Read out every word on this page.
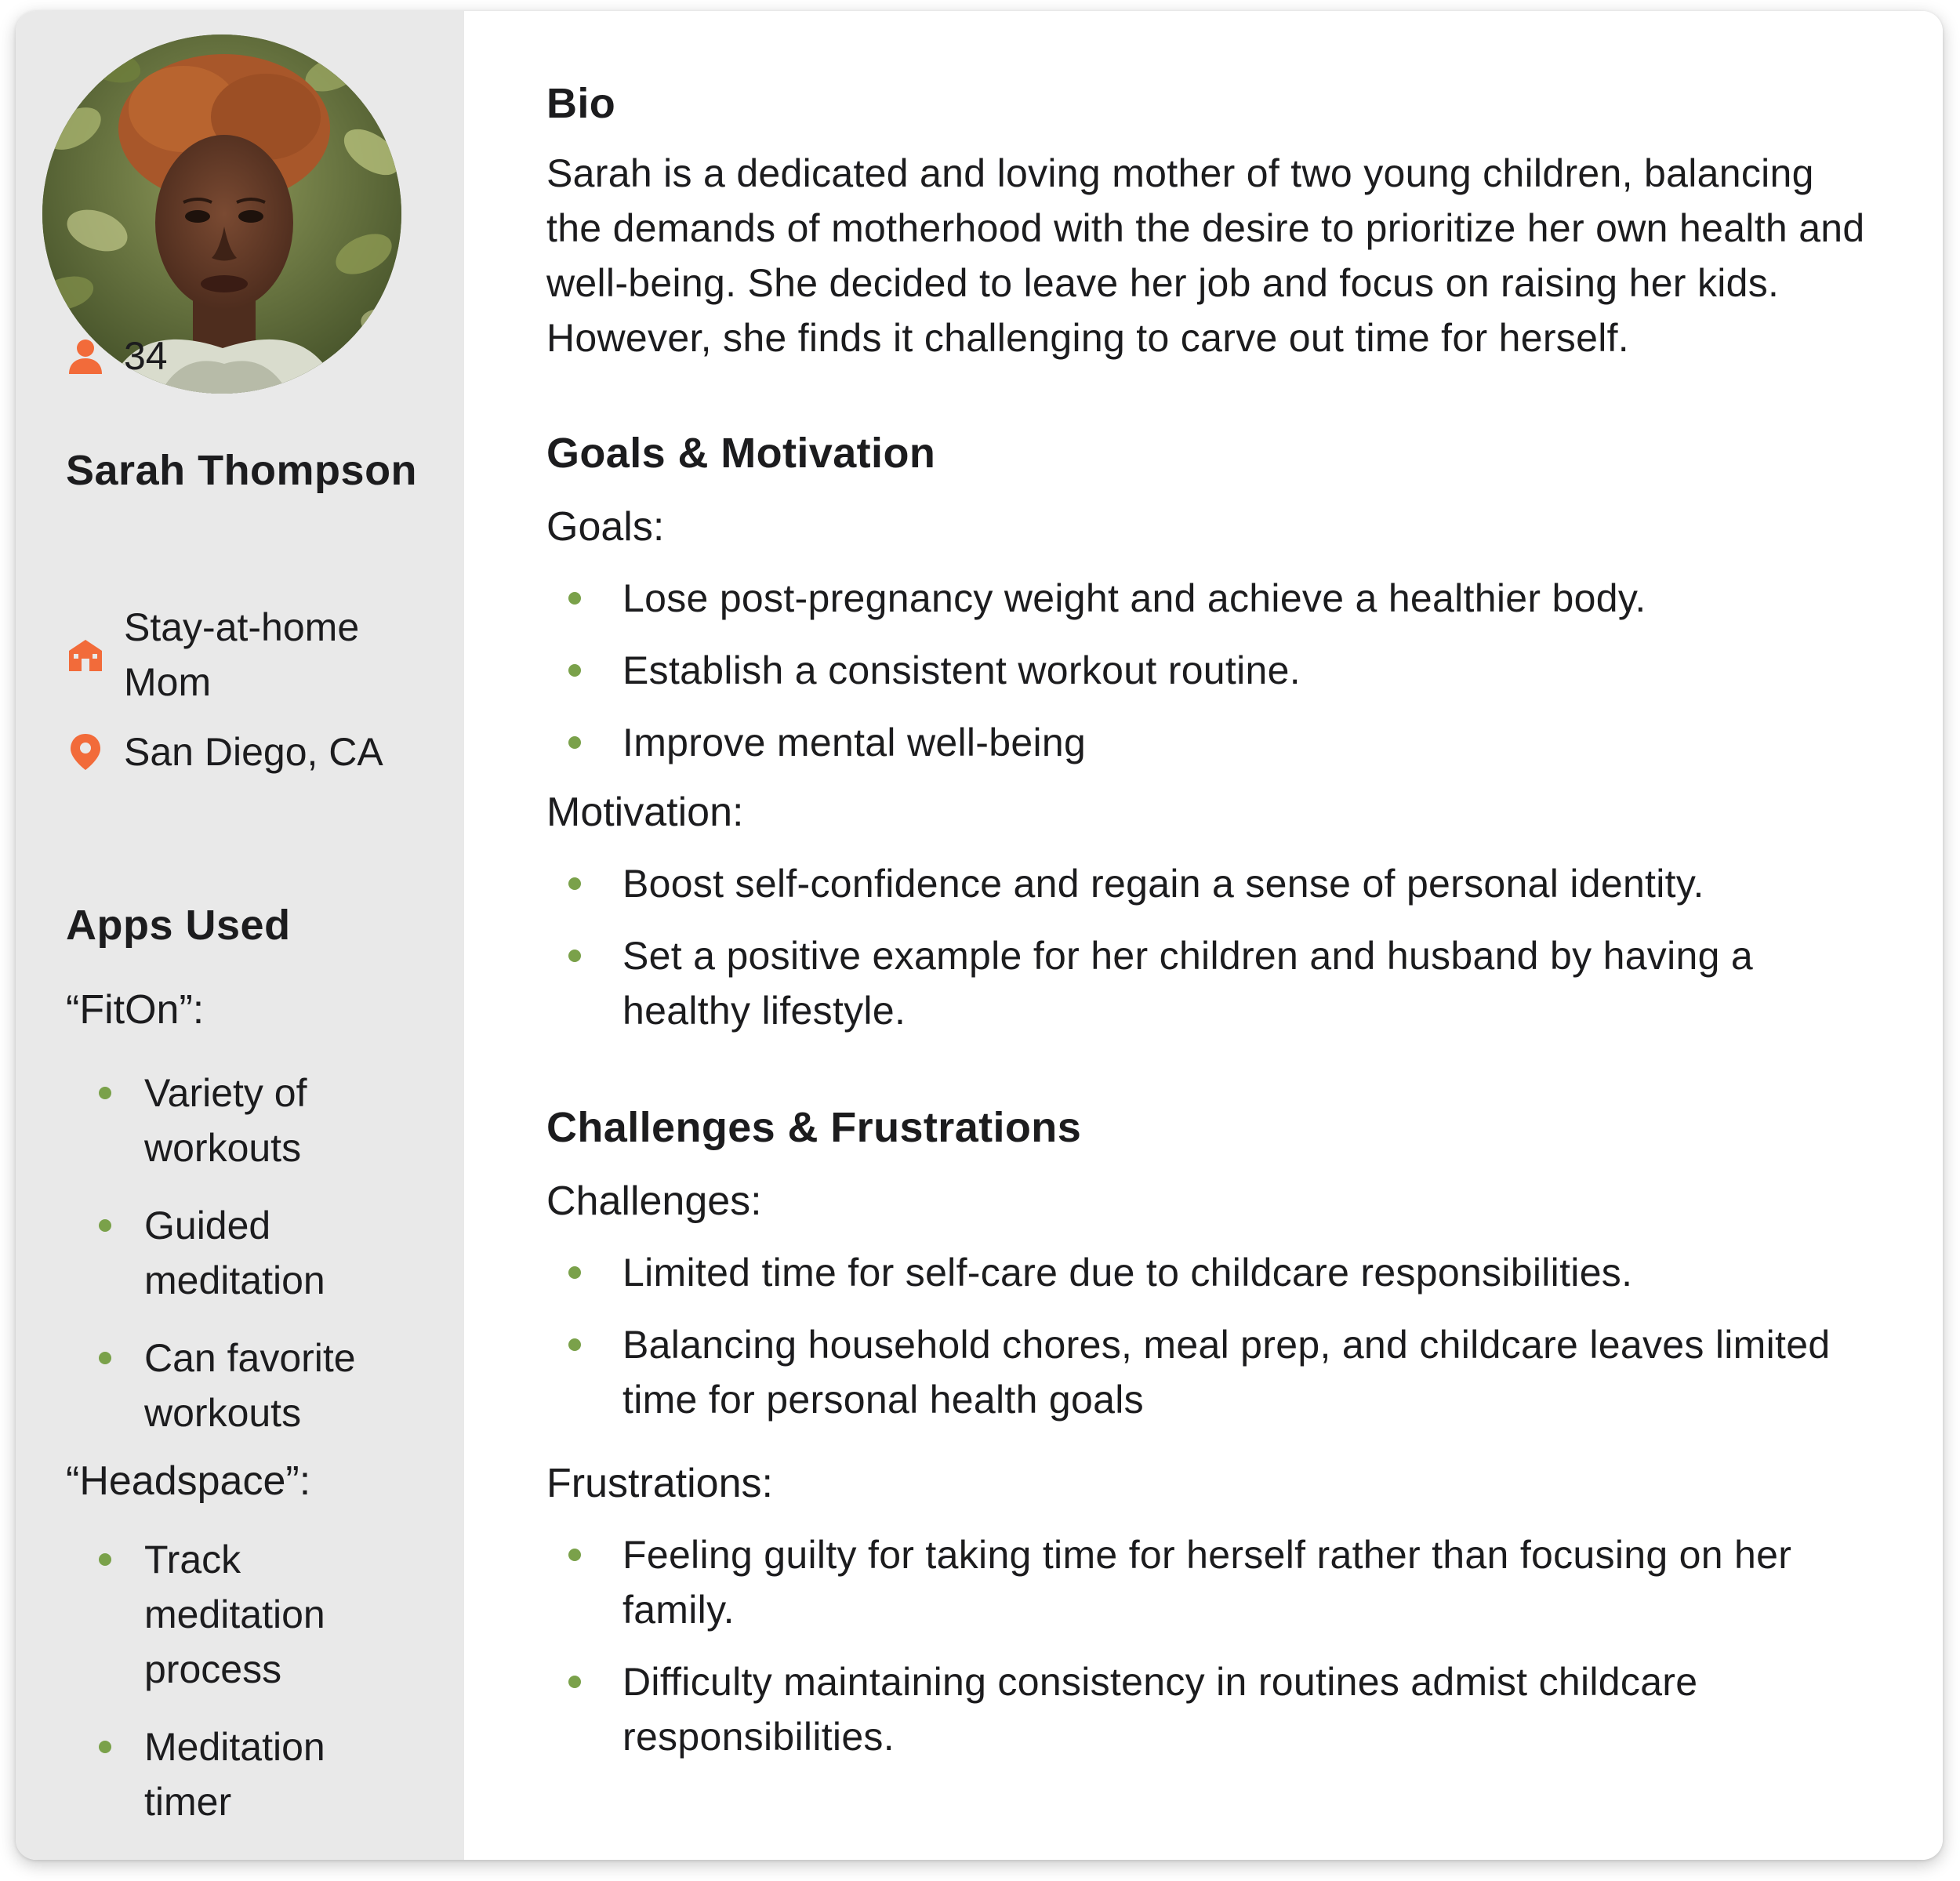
Sarah Thompson
34
Stay-at-home Mom
San Diego, CA
Apps Used

“FitOn”:

Variety of workouts
Guided meditation
Can favorite workouts

“Headspace”:

Track meditation process
Meditation timer
Bio

Sarah is a dedicated and loving mother of two young children, balancing the demands of motherhood with the desire to prioritize her own health and well-being. She decided to leave her job and focus on raising her kids. However, she finds it challenging to carve out time for herself.

Goals & Motivation

Goals:

Lose post-pregnancy weight and achieve a healthier body.
Establish a consistent workout routine.
Improve mental well-being

Motivation:

Boost self-confidence and regain a sense of personal identity.
Set a positive example for her children and husband by having a healthy lifestyle.
Challenges & Frustrations

Challenges:

Limited time for self-care due to childcare responsibilities.
Balancing household chores, meal prep, and childcare leaves limited time for personal health goals

Frustrations:

Feeling guilty for taking time for herself rather than focusing on her family.
Difficulty maintaining consistency in routines admist childcare responsibilities.
